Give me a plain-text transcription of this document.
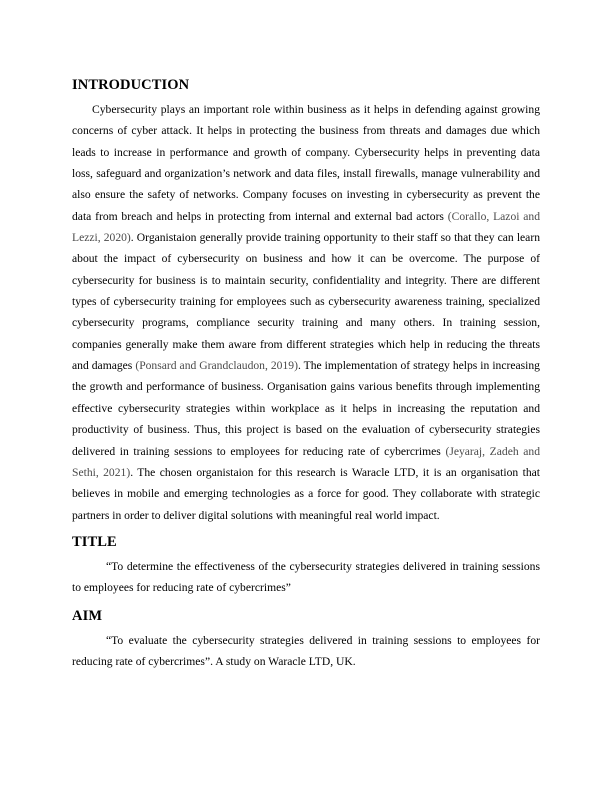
INTRODUCTION

Cybersecurity plays an important role within business as it helps in defending against growing concerns of cyber attack. It helps in protecting the business from threats and damages due which leads to increase in performance and growth of company. Cybersecurity helps in preventing data loss, safeguard and organization’s network and data files, install firewalls, manage vulnerability and also ensure the safety of networks. Company focuses on investing in cybersecurity as prevent the data from breach and helps in protecting from internal and external bad actors (Corallo, Lazoi and Lezzi, 2020). Organistaion generally provide training opportunity to their staff so that they can learn about the impact of cybersecurity on business and how it can be overcome. The purpose of cybersecurity for business is to maintain security, confidentiality and integrity. There are different types of cybersecurity training for employees such as cybersecurity awareness training, specialized cybersecurity programs, compliance security training and many others. In training session, companies generally make them aware from different strategies which help in reducing the threats and damages (Ponsard and Grandclaudon, 2019). The implementation of strategy helps in increasing the growth and performance of business. Organisation gains various benefits through implementing effective cybersecurity strategies within workplace as it helps in increasing the reputation and productivity of business. Thus, this project is based on the evaluation of cybersecurity strategies delivered in training sessions to employees for reducing rate of cybercrimes (Jeyaraj, Zadeh and Sethi, 2021). The chosen organistaion for this research is Waracle LTD, it is an organisation that believes in mobile and emerging technologies as a force for good. They collaborate with strategic partners in order to deliver digital solutions with meaningful real world impact.

TITLE

“To determine the effectiveness of the cybersecurity strategies delivered in training sessions to employees for reducing rate of cybercrimes”

AIM

“To evaluate the cybersecurity strategies delivered in training sessions to employees for reducing rate of cybercrimes”. A study on Waracle LTD, UK.
